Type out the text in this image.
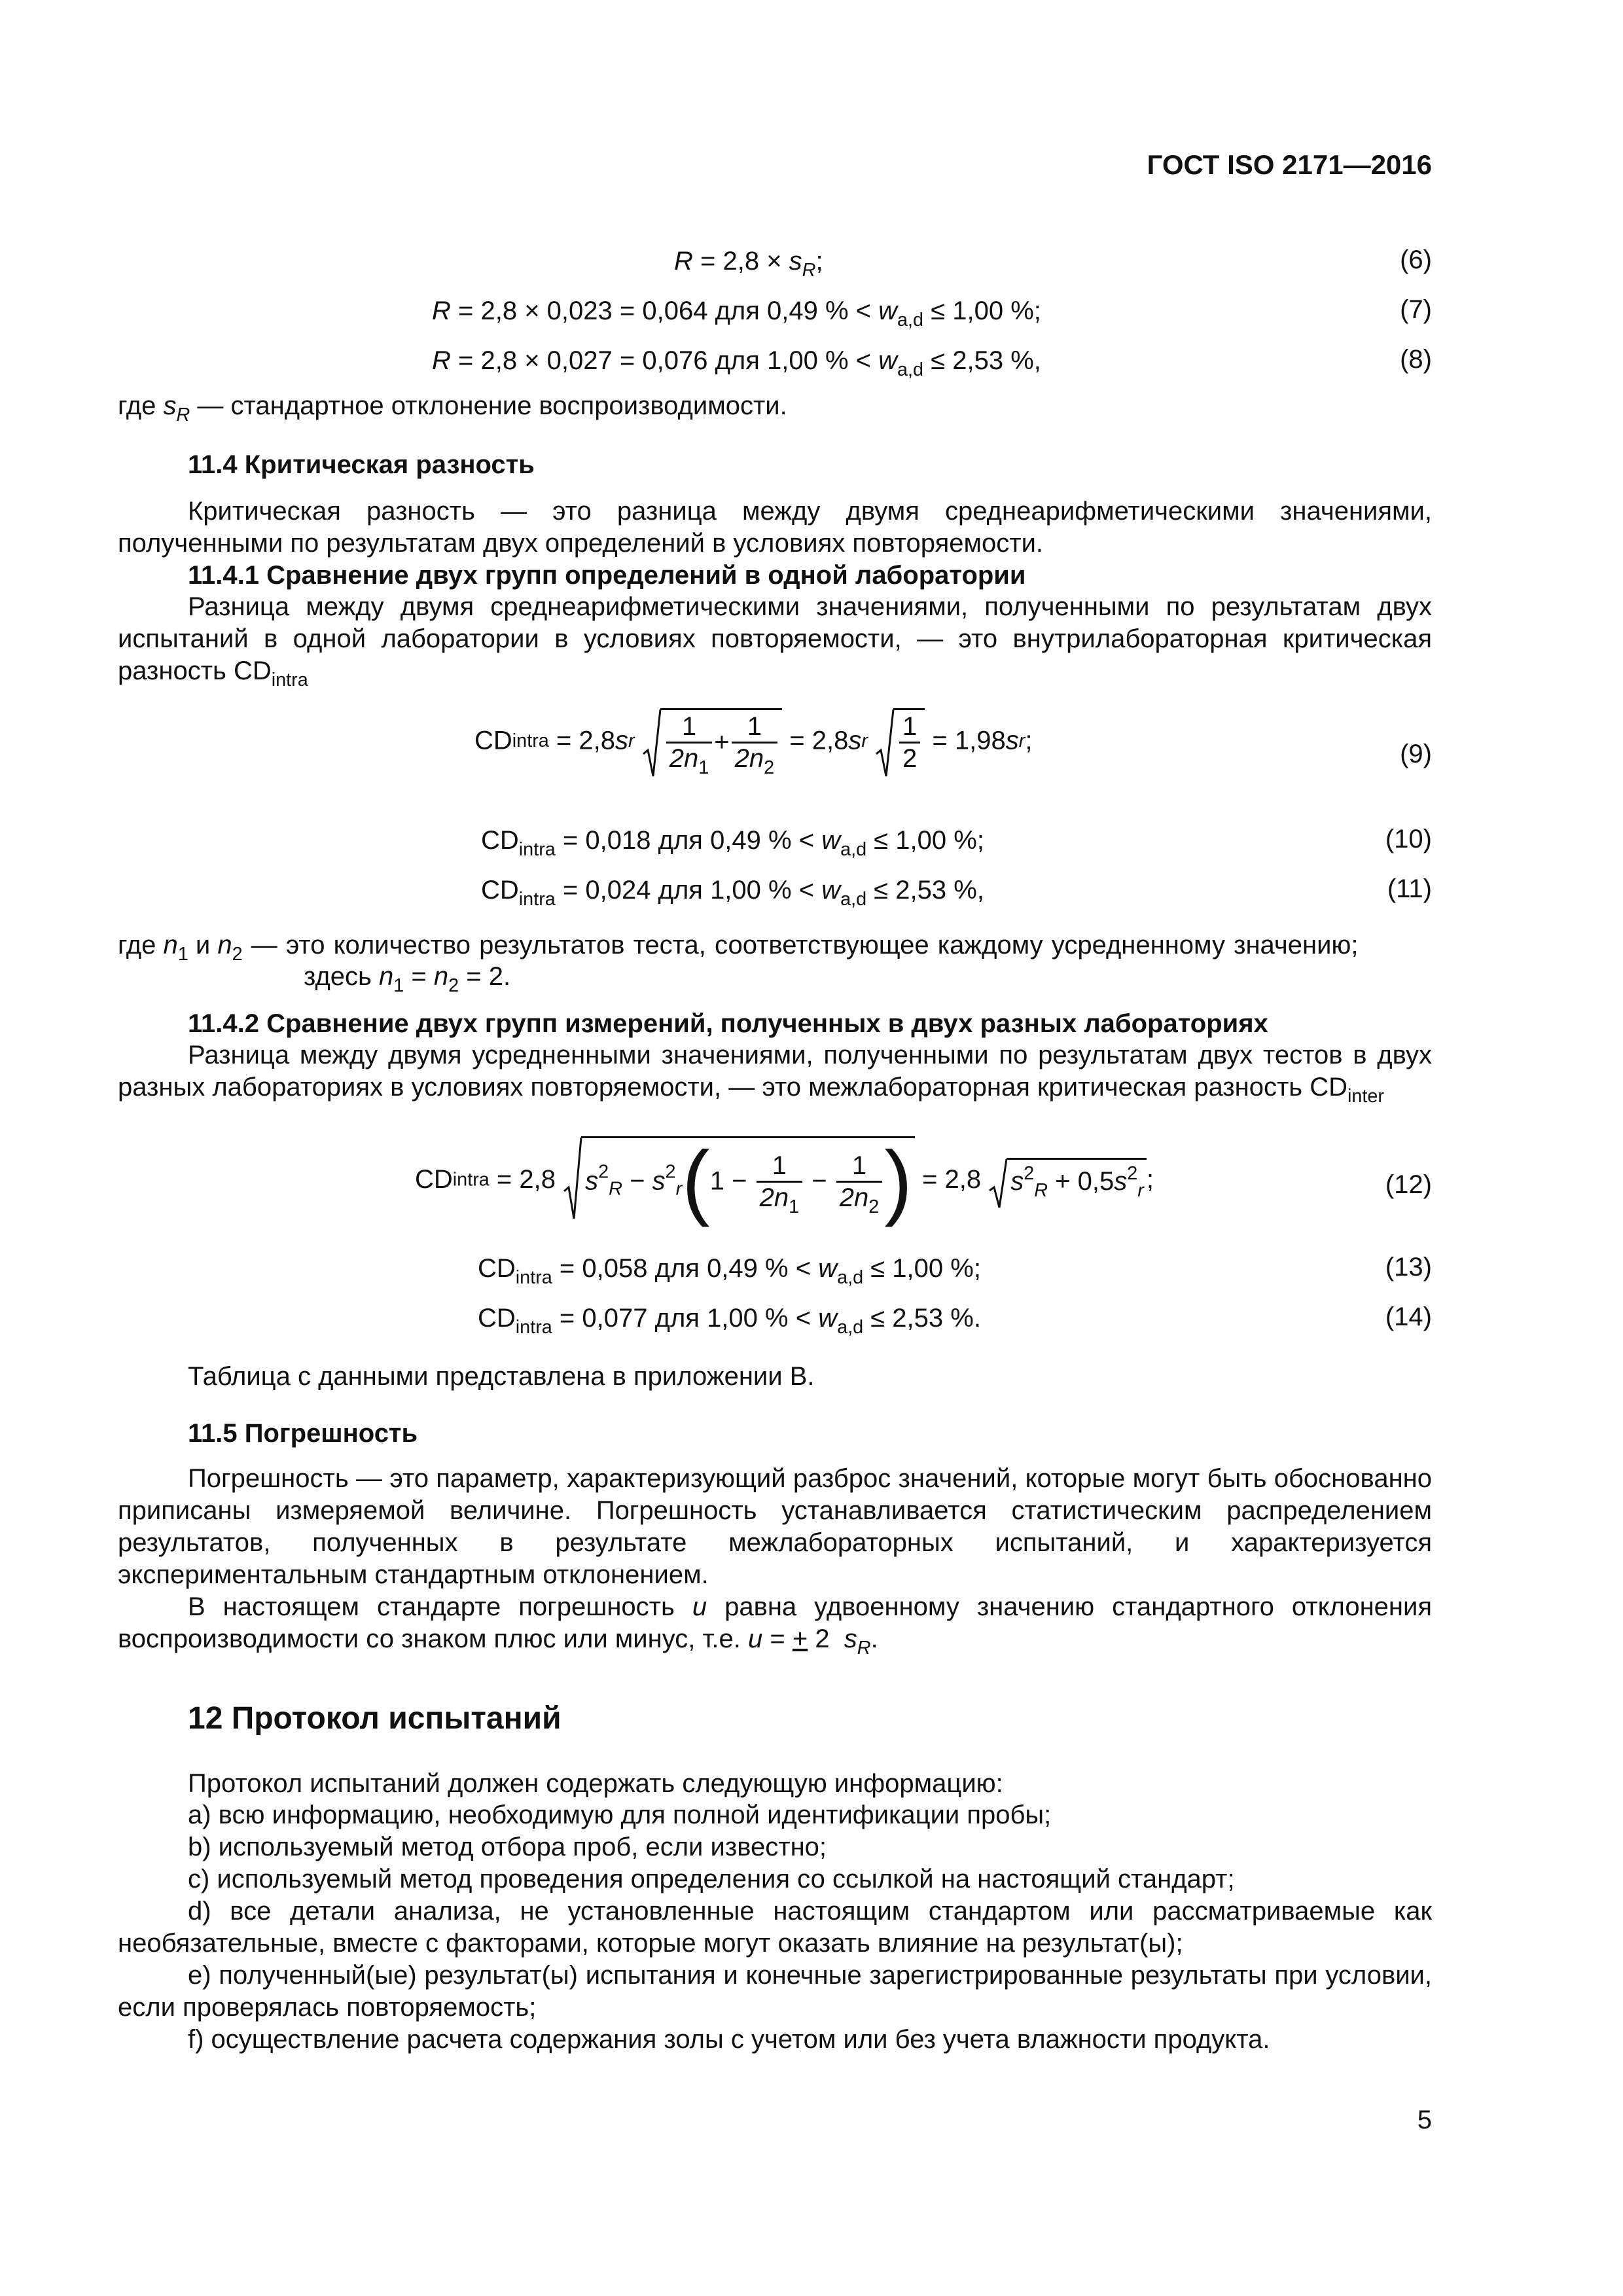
ГОСТ ISO 2171—2016
$R = 2,8 \times s_R$;	(6)
R = 2,8 × 0,023 = 0,064 для 0,49 % < $w_{a,d} \le 1,00$ %;	(7)
R = 2,8 × 0,027 = 0,076 для 1,00 % < $w_{a,d} \le 2,53$ %,	(8)
где $s_R$ — стандартное отклонение воспроизводимости.
11.4 Критическая разность
Критическая разность — это разница между двумя среднеарифметическими значениями, полученными по результатам двух определений в условиях повторяемости.
11.4.1 Сравнение двух групп определений в одной лаборатории
Разница между двумя среднеарифметическими значениями, полученными по результатам двух испытаний в одной лаборатории в условиях повторяемости, — это внутрилабораторная критическая разность $CD_{intra}$
CDintra = $2,8sr \frac{1}{2n_1} + \frac{1}{2n_2} = 2,8sr \frac{1}{2} = 1,98sr$;	(9)
$CD_{intra} = 0,018$ для 0,49 % < $w_{a,d} \le 1,00$ %;	(10)
$CD_{intra} = 0,024$ для 1,00 % < $w_{a,d} \le 2,53$ %,	(11)
где $n_1$ и $n_2$ — это количество результатов теста, соответствующее каждому усредненному значению;
здесь $n_1 = n_2 = 2$.
11.4.2 Сравнение двух групп измерений, полученных в двух разных лабораториях
Разница между двумя усредненными значениями, полученными по результатам двух тестов в двух разных лабораториях в условиях повторяемости, — это межлабораторная критическая разность $CD_{inter}$
CDintra = 2,8 $s^2_R - s^2_r(1 - \frac{1}{2n_1} - \frac{1}{2n_2}$ ) = 2,8 $s^2_R + 0,5s^2_r$ ;	(12)
$CD_{intra} = 0,058$ для 0,49 % < $w_{a,d} \le 1,00$ %;	(13)
$CD_{intra} = 0,077$ для 1,00 % < $w_{a,d} \le 2,53$ %.	(14)
Таблица с данными представлена в приложении В.
11.5 Погрешность
Погрешность — это параметр, характеризующий разброс значений, которые могут быть обоснованно приписаны измеряемой величине. Погрешность устанавливается статистическим распределением результатов, полученных в результате межлабораторных испытаний, и характеризуется экспериментальным стандартным отклонением.
В настоящем стандарте погрешность u равна удвоенному значению стандартного отклонения воспроизводимости со знаком плюс или минус, т.е. u = + 2  $s_R$.
12 Протокол испытаний
Протокол испытаний должен содержать следующую информацию:
a) всю информацию, необходимую для полной идентификации пробы;
b) используемый метод отбора проб, если известно;
c) используемый метод проведения определения со ссылкой на настоящий стандарт;
d) все детали анализа, не установленные настоящим стандартом или рассматриваемые как необязательные, вместе с факторами, которые могут оказать влияние на результат(ы);
e) полученный(ые) результат(ы) испытания и конечные зарегистрированные результаты при условии, если проверялась повторяемость;
f) осуществление расчета содержания золы с учетом или без учета влажности продукта.
5
